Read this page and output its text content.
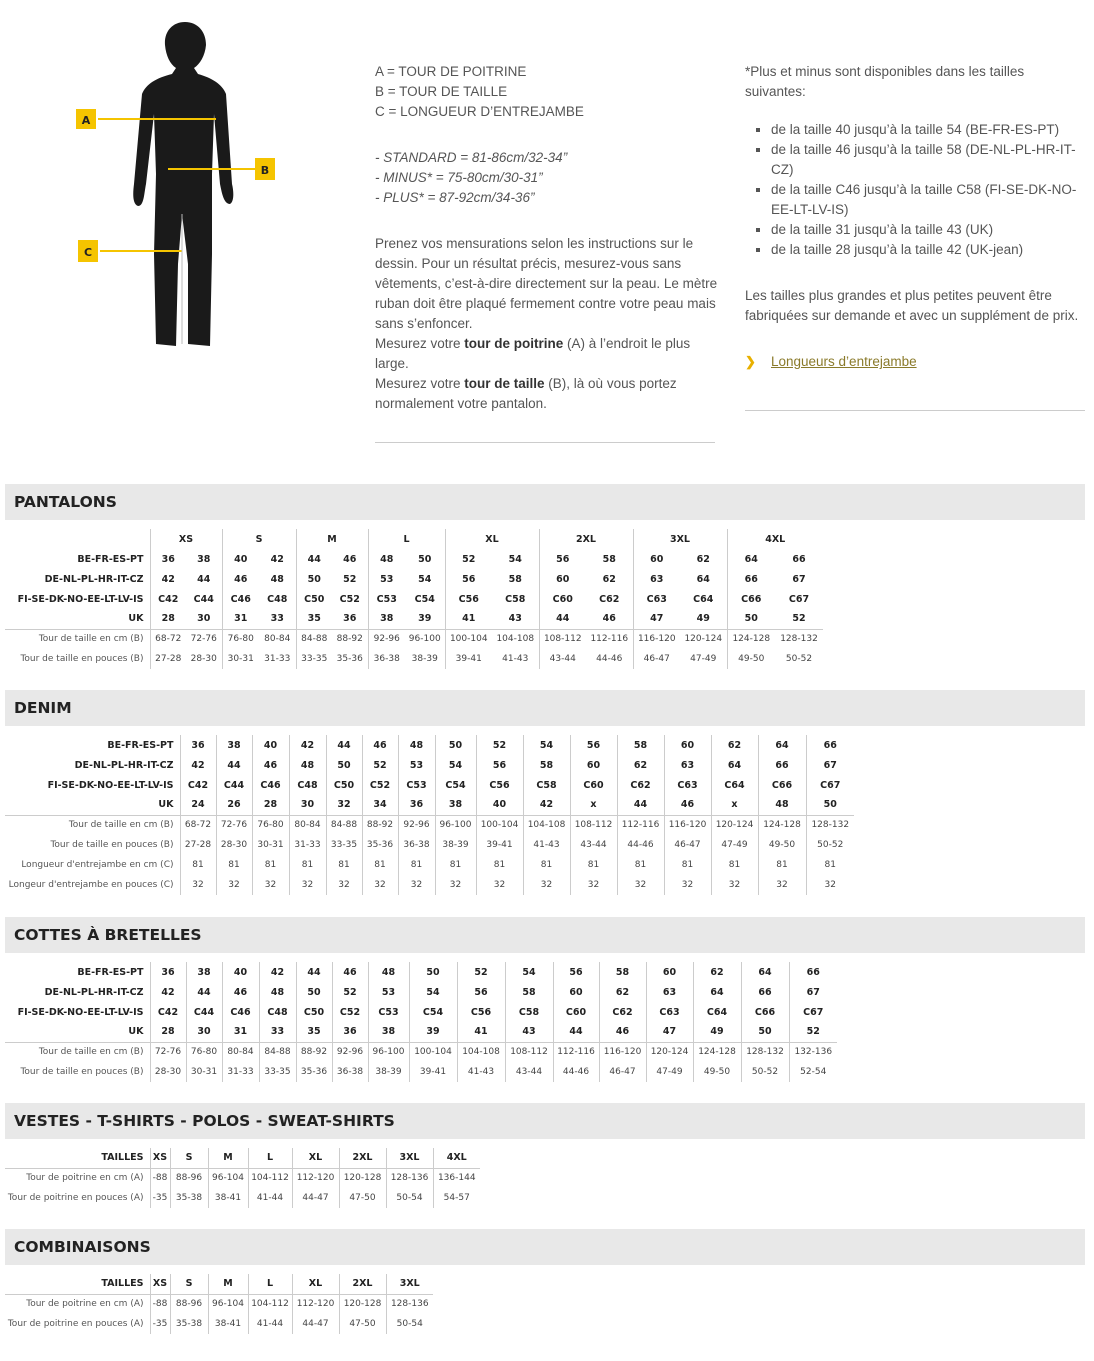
A
B
C
A = TOUR DE POITRINE
B = TOUR DE TAILLE
C = LONGUEUR D’ENTREJAMBE
- STANDARD = 81-86cm/32-34”
- MINUS* = 75-80cm/30-31”
- PLUS* = 87-92cm/34-36”
Prenez vos mensurations selon les instructions sur le dessin. Pour un résultat précis, mesurez-vous sans vêtements, c’est-à-dire directement sur la peau. Le mètre ruban doit être plaqué fermement contre votre peau mais sans s’enfoncer.
Mesurez votre tour de poitrine (A) à l’endroit le plus large.
Mesurez votre tour de taille (B), là où vous portez normalement votre pantalon.
*Plus et minus sont disponibles dans les tailles suivantes:
▪ de la taille 40 jusqu’à la taille 54 (BE-FR-ES-PT)
▪ de la taille 46 jusqu’à la taille 58 (DE-NL-PL-HR-IT-CZ)
▪ de la taille C46 jusqu’à la taille C58 (FI-SE-DK-NO-EE-LT-LV-IS)
▪ de la taille 31 jusqu’à la taille 43 (UK)
▪ de la taille 28 jusqu’à la taille 42 (UK-jean)
Les tailles plus grandes et plus petites peuvent être fabriquées sur demande et avec un supplément de prix.
❯	Longueurs d’entrejambe
PANTALONS
	XS		S		M		L		XL		2XL		3XL		4XL	
BE-FR-ES-PT	36	38	40	42	44	46	48	50	52	54	56	58	60	62	64	66
DE-NL-PL-HR-IT-CZ	42	44	46	48	50	52	53	54	56	58	60	62	63	64	66	67
FI-SE-DK-NO-EE-LT-LV-IS	C42	C44	C46	C48	C50	C52	C53	C54	C56	C58	C60	C62	C63	C64	C66	C67
UK	28	30	31	33	35	36	38	39	41	43	44	46	47	49	50	52
Tour de taille en cm (B)	68-72	72-76	76-80	80-84	84-88	88-92	92-96	96-100	100-104	104-108	108-112	112-116	116-120	120-124	124-128	128-132
Tour de taille en pouces (B)	27-28	28-30	30-31	31-33	33-35	35-36	36-38	38-39	39-41	41-43	43-44	44-46	46-47	47-49	49-50	50-52
DENIM
BE-FR-ES-PT	36	38	40	42	44	46	48	50	52	54	56	58	60	62	64	66
DE-NL-PL-HR-IT-CZ	42	44	46	48	50	52	53	54	56	58	60	62	63	64	66	67
FI-SE-DK-NO-EE-LT-LV-IS	C42	C44	C46	C48	C50	C52	C53	C54	C56	C58	C60	C62	C63	C64	C66	C67
UK	24	26	28	30	32	34	36	38	40	42	x	44	46	x	48	50
Tour de taille en cm (B)	68-72	72-76	76-80	80-84	84-88	88-92	92-96	96-100	100-104	104-108	108-112	112-116	116-120	120-124	124-128	128-132
Tour de taille en pouces (B)	27-28	28-30	30-31	31-33	33-35	35-36	36-38	38-39	39-41	41-43	43-44	44-46	46-47	47-49	49-50	50-52
Longueur d'entrejambe en cm (C)	81	81	81	81	81	81	81	81	81	81	81	81	81	81	81	81
Longeur d'entrejambe en pouces (C)	32	32	32	32	32	32	32	32	32	32	32	32	32	32	32	32
COTTES À BRETELLES
BE-FR-ES-PT	36	38	40	42	44	46	48	50	52	54	56	58	60	62	64	66
DE-NL-PL-HR-IT-CZ	42	44	46	48	50	52	53	54	56	58	60	62	63	64	66	67
FI-SE-DK-NO-EE-LT-LV-IS	C42	C44	C46	C48	C50	C52	C53	C54	C56	C58	C60	C62	C63	C64	C66	C67
UK	28	30	31	33	35	36	38	39	41	43	44	46	47	49	50	52
Tour de taille en cm (B)	72-76	76-80	80-84	84-88	88-92	92-96	96-100	100-104	104-108	108-112	112-116	116-120	120-124	124-128	128-132	132-136
Tour de taille en pouces (B)	28-30	30-31	31-33	33-35	35-36	36-38	38-39	39-41	41-43	43-44	44-46	46-47	47-49	49-50	50-52	52-54
VESTES - T-SHIRTS - POLOS - SWEAT-SHIRTS
TAILLES	XS	S	M	L	XL	2XL	3XL	4XL
Tour de poitrine en cm (A)	-88	88-96	96-104	104-112	112-120	120-128	128-136	136-144
Tour de poitrine en pouces (A)	-35	35-38	38-41	41-44	44-47	47-50	50-54	54-57
COMBINAISONS
TAILLES	XS	S	M	L	XL	2XL	3XL
Tour de poitrine en cm (A)	-88	88-96	96-104	104-112	112-120	120-128	128-136
Tour de poitrine en pouces (A)	-35	35-38	38-41	41-44	44-47	47-50	50-54
